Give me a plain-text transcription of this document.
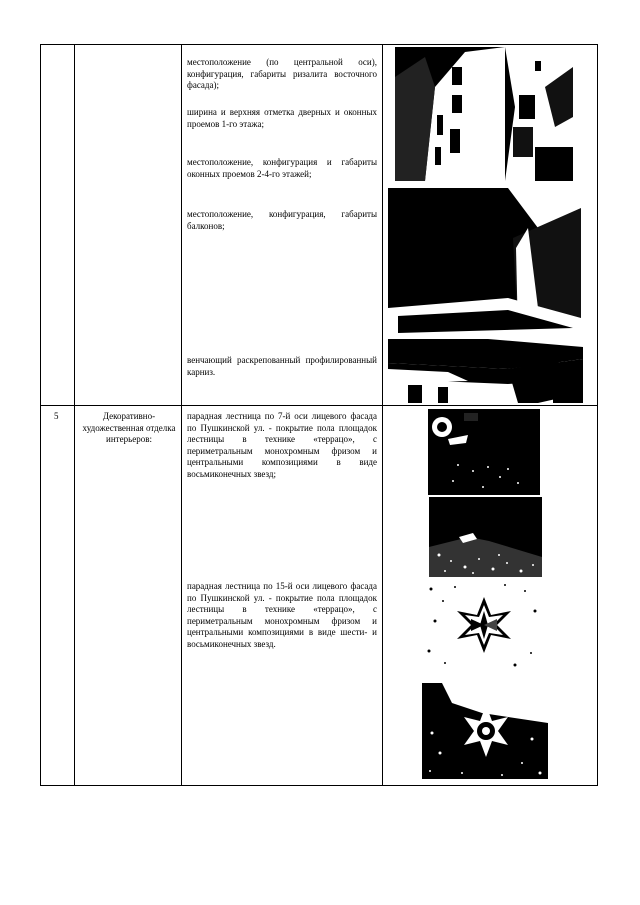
местоположение (по центральной оси), конфигурация, габариты ризалита восточного фасада);
ширина и верхняя отметка дверных и оконных проемов 1-го этажа;
местоположение, конфигурация и габариты оконных проемов 2-4-го этажей;
местоположение, конфигурация, габариты балконов;
венчающий раскрепованный профилированный карниз.
5	Декоративно-художественная отделка интерьеров:
парадная лестница по 7-й оси лицевого фасада по Пушкинской ул. - покрытие пола площадок лестницы в технике «террацо», с периметральным монохромным фризом и центральными композициями в виде восьмиконечных звезд;
парадная лестница по 15-й оси лицевого фасада по Пушкинской ул. - покрытие пола площадок лестницы в технике «террацо», с периметральным монохромным фризом и центральными композициями в виде шести- и восьмиконечных звезд.
